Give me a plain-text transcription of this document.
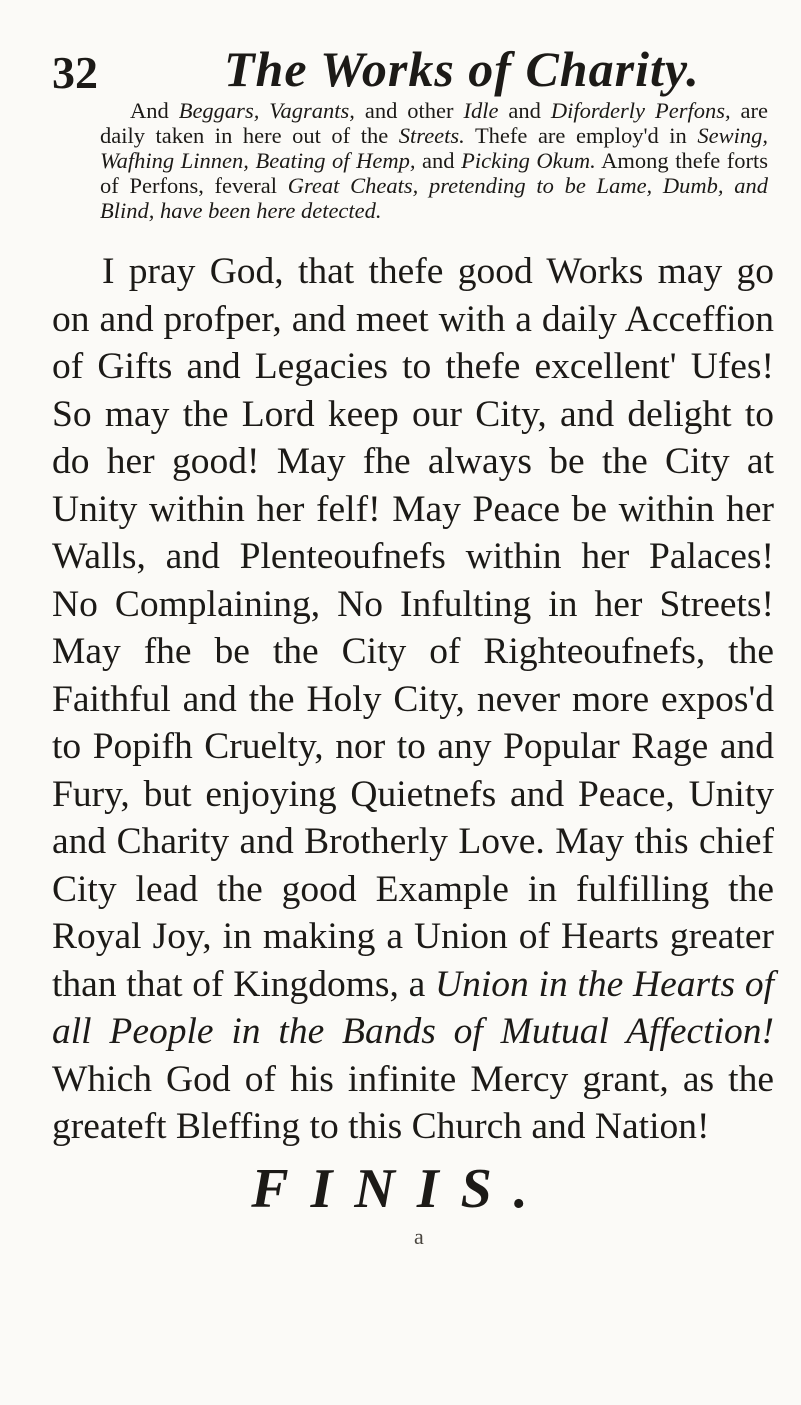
32	The Works of Charity.

And Beggars, Vagrants, and other Idle and Diforderly Perfons, are daily taken in here out of the Streets. Thefe are employ'd in Sewing, Wafhing Linnen, Beating of Hemp, and Picking Okum. Among thefe forts of Perfons, feveral Great Cheats, pretending to be Lame, Dumb, and Blind, have been here detected.

I pray God, that thefe good Works may go on and profper, and meet with a daily Acceffion of Gifts and Legacies to thefe excellent' Ufes! So may the Lord keep our City, and delight to do her good! May fhe always be the City at Unity within her felf! May Peace be within her Walls, and Plenteoufnefs within her Palaces! No Complaining, No Infulting in her Streets! May fhe be the City of Righteoufnefs, the Faithful and the Holy City, never more expos'd to Popifh Cruelty, nor to any Popular Rage and Fury, but enjoying Quietnefs and Peace, Unity and Charity and Brotherly Love. May this chief City lead the good Example in fulfilling the Royal Joy, in making a Union of Hearts greater than that of Kingdoms, a Union in the Hearts of all People in the Bands of Mutual Affection! Which God of his infinite Mercy grant, as the greateft Bleffing to this Church and Nation!

FINIS.
a
